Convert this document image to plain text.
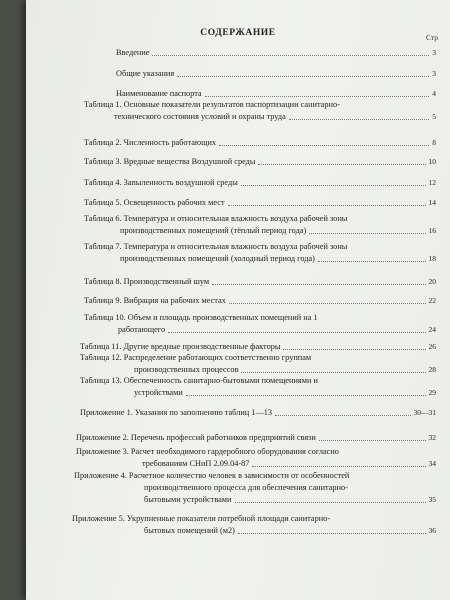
СОДЕРЖАНИЕ	Стр
Введение	3
Общие указания	3
Наименование паспорта	4
Таблица 1. Основные показатели результатов паспортизации санитарно-
технического состояния условий и охраны труда	5
Таблица 2. Численность работающих	8
Таблица 3. Вредные вещества Воздушной среды	10
Таблица 4. Запыленность воздушной среды	12
Таблица 5. Освещенность рабочих мест	14
Таблица 6. Температура и относительная влажность воздуха рабочей зоны
производственных помещений (тёплый период года)	16
Таблица 7. Температура и относительная влажность воздуха рабочей зоны
производственных помещений (холодный период года)	18
Таблица 8. Производственный шум	20
Таблица 9. Вибрация на рабочих местах	22
Таблица 10. Объем и площадь производственных помещений на 1
работающего	24
Таблица 11. Другие вредные производственные факторы	26
Таблица 12. Распределение работающих соответственно группам
производственных процессов	28
Таблица 13. Обеспеченность санитарно-бытовыми помещениями и
устройствами	29
Приложение 1. Указания по заполнению таблиц 1—13	30—31
Приложение 2. Перечень профессий работников предприятий связи	32
Приложение 3. Расчет необходимого гардеробного оборудования согласно
требованиям СНиП 2.09.04-87	34
Приложение 4. Расчетное количество человек в зависимости от особенностей
производственного процесса для обеспечения санитарно-
бытовыми устройствами	35
Приложение 5. Укрупненные показатели потребной площади санитарно-
бытовых помещений (м2)	36
